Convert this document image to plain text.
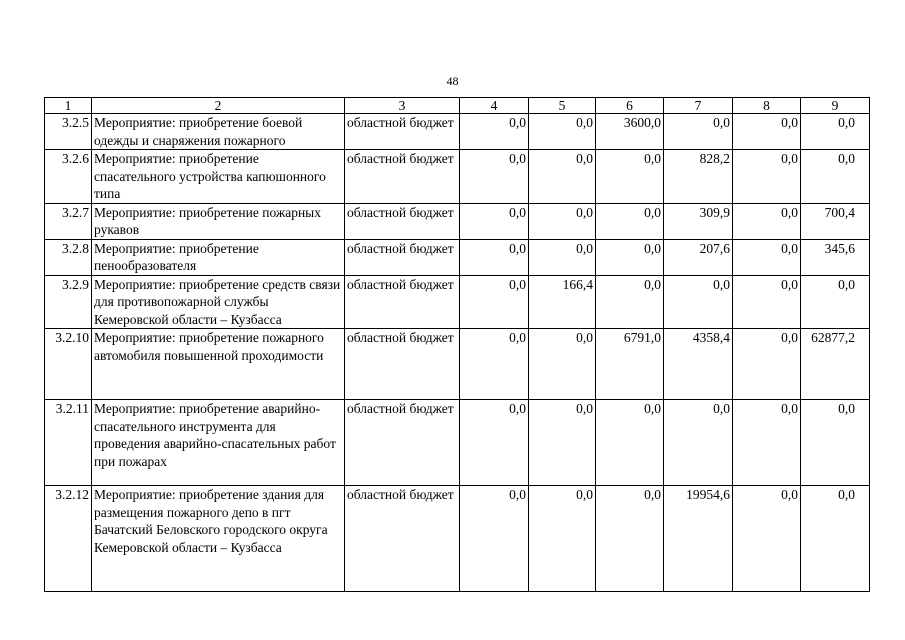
48
1	2	3	4	5	6	7	8	9
3.2.5	Мероприятие: приобретение боевой одежды и снаряжения пожарного	областной бюджет	0,0	0,0	3600,0	0,0	0,0	0,0
3.2.6	Мероприятие: приобретение спасательного устройства капюшонного типа	областной бюджет	0,0	0,0	0,0	828,2	0,0	0,0
3.2.7	Мероприятие: приобретение пожарных рукавов	областной бюджет	0,0	0,0	0,0	309,9	0,0	700,4
3.2.8	Мероприятие: приобретение пенообразователя	областной бюджет	0,0	0,0	0,0	207,6	0,0	345,6
3.2.9	Мероприятие: приобретение средств связи для противопожарной службы Кемеровской области – Кузбасса	областной бюджет	0,0	166,4	0,0	0,0	0,0	0,0
3.2.10	Мероприятие: приобретение пожарного автомобиля повышенной проходимости	областной бюджет	0,0	0,0	6791,0	4358,4	0,0	62877,2
3.2.11	Мероприятие: приобретение аварийно-спасательного инструмента для проведения аварийно-спасательных работ при пожарах	областной бюджет	0,0	0,0	0,0	0,0	0,0	0,0
3.2.12	Мероприятие: приобретение здания для размещения пожарного депо в пгт Бачатский Беловского городского округа Кемеровской области – Кузбасса	областной бюджет	0,0	0,0	0,0	19954,6	0,0	0,0
